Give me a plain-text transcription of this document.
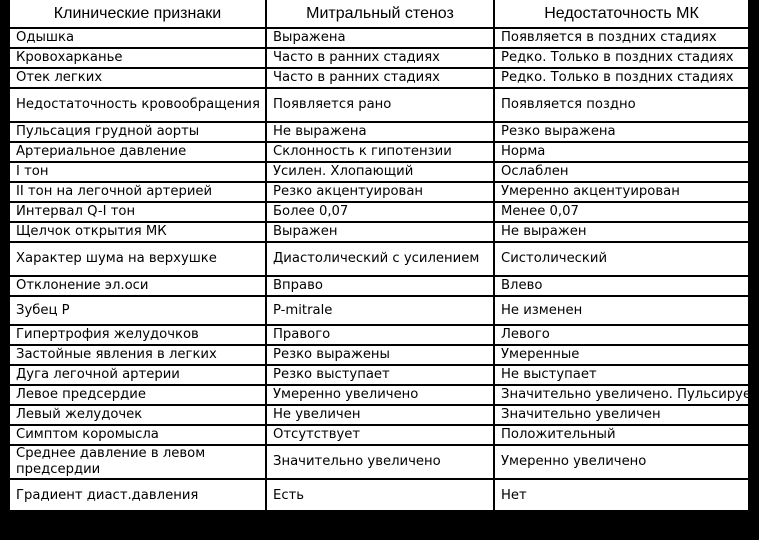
Клинические признаки	Митральный стеноз	Недостаточность МК
Одышка	Выражена	Появляется в поздних стадиях
Кровохарканье	Часто в ранних стадиях	Редко. Только в поздних стадиях
Отек легких	Часто в ранних стадиях	Редко. Только в поздних стадиях
Недостаточность кровообращения	Появляется рано	Появляется поздно
Пульсация грудной аорты	Не выражена	Резко выражена
Артериальное давление	Склонность к гипотензии	Норма
I тон	Усилен. Хлопающий	Ослаблен
II тон на легочной артерией	Резко акцентуирован	Умеренно акцентуирован
Интервал Q-I тон	Более 0,07	Менее 0,07
Щелчок открытия МК	Выражен	Не выражен
Характер шума на верхушке	Диастолический с усилением	Систолический
Отклонение эл.оси	Вправо	Влево
Зубец P	P-mitrale	Не изменен
Гипертрофия желудочков	Правого	Левого
Застойные явления в легких	Резко выражены	Умеренные
Дуга легочной артерии	Резко выступает	Не выступает
Левое предсердие	Умеренно увеличено	Значительно увеличено. Пульсирует
Левый желудочек	Не увеличен	Значительно увеличен
Симптом коромысла	Отсутствует	Положительный
Среднее давление в левом предсердии	Значительно увеличено	Умеренно увеличено
Градиент диаст.давления	Есть	Нет
